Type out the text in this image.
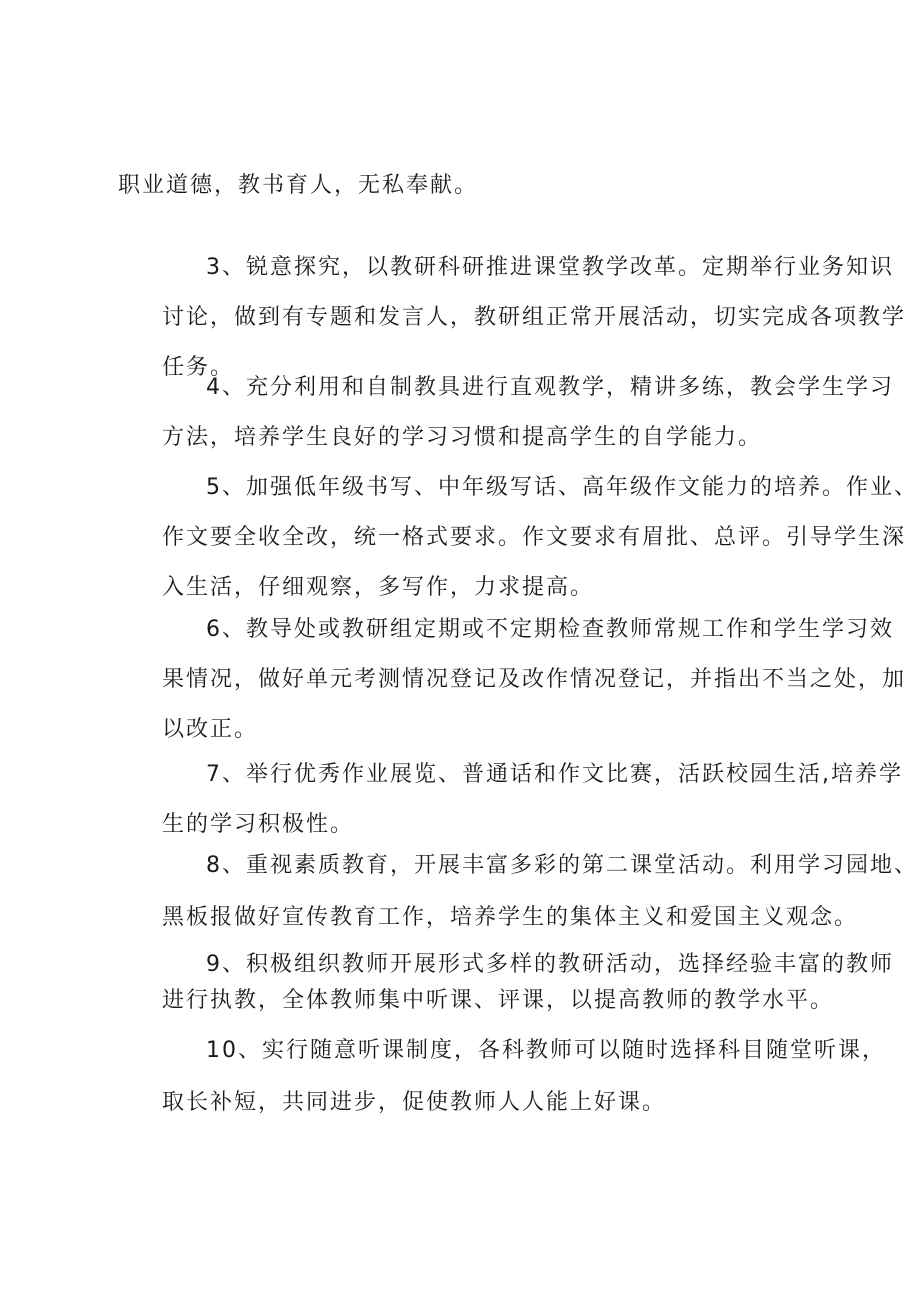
职业道德，教书育人，无私奉献。

3、锐意探究，以教研科研推进课堂教学改革。定期举行业务知识
讨论，做到有专题和发言人，教研组正常开展活动，切实完成各项教学
任务。

4、充分利用和自制教具进行直观教学，精讲多练，教会学生学习
方法，培养学生良好的学习习惯和提高学生的自学能力。

5、加强低年级书写、中年级写话、高年级作文能力的培养。作业、
作文要全收全改，统一格式要求。作文要求有眉批、总评。引导学生深
入生活，仔细观察，多写作，力求提高。

6、教导处或教研组定期或不定期检查教师常规工作和学生学习效
果情况，做好单元考测情况登记及改作情况登记，并指出不当之处，加
以改正。

7、举行优秀作业展览、普通话和作文比赛，活跃校园生活,培养学
生的学习积极性。

8、重视素质教育，开展丰富多彩的第二课堂活动。利用学习园地、
黑板报做好宣传教育工作，培养学生的集体主义和爱国主义观念。

9、积极组织教师开展形式多样的教研活动，选择经验丰富的教师
进行执教，全体教师集中听课、评课，以提高教师的教学水平。

10、实行随意听课制度，各科教师可以随时选择科目随堂听课，
取长补短，共同进步，促使教师人人能上好课。
